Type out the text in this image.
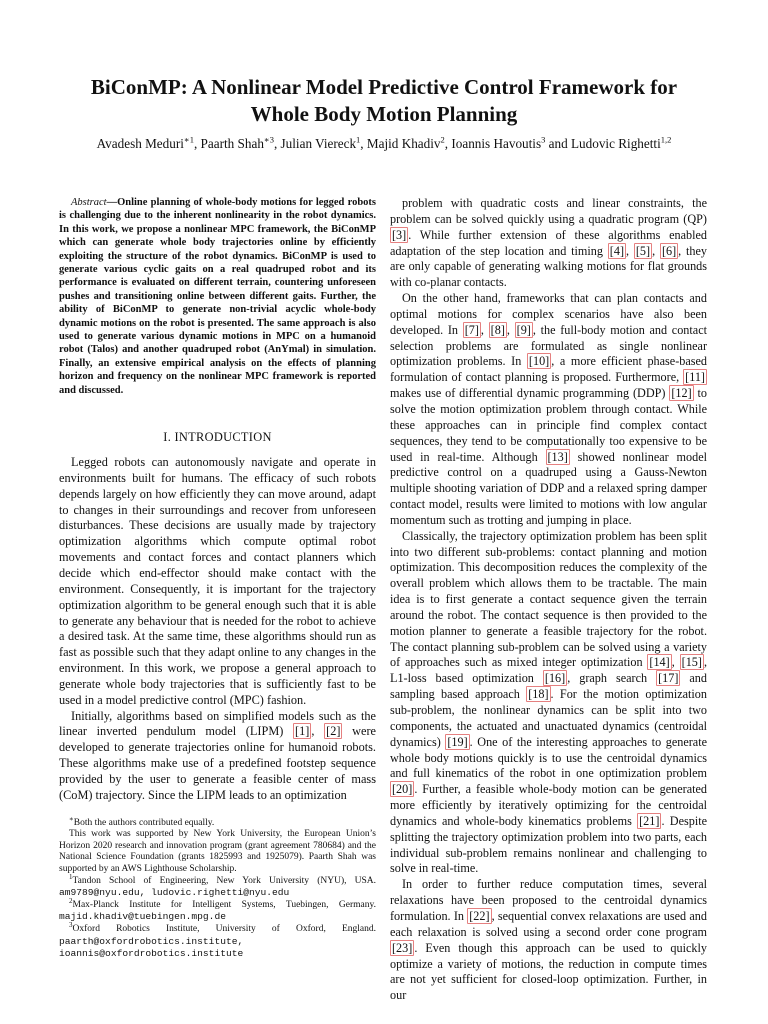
BiConMP: A Nonlinear Model Predictive Control Framework for
Whole Body Motion Planning
Avadesh Meduri$^{∗1}$, Paarth Shah$^{∗3}$, Julian Viereck$^1$, Majid Khadiv$^2$, Ioannis Havoutis$^3$ and Ludovic Righetti$^{1,2}$

Abstract—Online planning of whole-body motions for legged robots is challenging due to the inherent nonlinearity in the robot dynamics. In this work, we propose a nonlinear MPC framework, the BiConMP which can generate whole body trajectories online by efficiently exploiting the structure of the robot dynamics. BiConMP is used to generate various cyclic gaits on a real quadruped robot and its performance is evaluated on different terrain, countering unforeseen pushes and transitioning online between different gaits. Further, the ability of BiConMP to generate non-trivial acyclic whole-body dynamic motions on the robot is presented. The same approach is also used to generate various dynamic motions in MPC on a humanoid robot (Talos) and another quadruped robot (AnYmal) in simulation. Finally, an extensive empirical analysis on the effects of planning horizon and frequency on the nonlinear MPC framework is reported and discussed.

I. INTRODUCTION

Legged robots can autonomously navigate and operate in environments built for humans. The efficacy of such robots depends largely on how efficiently they can move around, adapt to changes in their surroundings and recover from unforeseen disturbances. These decisions are usually made by trajectory optimization algorithms which compute optimal robot movements and contact forces and contact planners which decide which end-effector should make contact with the environment. Consequently, it is important for the trajectory optimization algorithm to be general enough such that it is able to generate any behaviour that is needed for the robot to achieve a desired task. At the same time, these algorithms should run as fast as possible such that they adapt online to any changes in the environment. In this work, we propose a general approach to generate whole body trajectories that is sufficiently fast to be used in a model predictive control (MPC) fashion.

Initially, algorithms based on simplified models such as the linear inverted pendulum model (LIPM) [1] , [2] were developed to generate trajectories online for humanoid robots. These algorithms make use of a predefined footstep sequence provided by the user to generate a feasible center of mass (CoM) trajectory. Since the LIPM leads to an optimization

∗Both the authors contributed equally.

This work was supported by New York University, the European Union’s Horizon 2020 research and innovation program (grant agreement 780684) and the National Science Foundation (grants 1825993 and 1925079). Paarth Shah was supported by an AWS Lighthouse Scholarship.

$^1$Tandon School of Engineering, New York University (NYU), USA. am9789@nyu.edu, ludovic.righetti@nyu.edu

$^2$Max-Planck Institute for Intelligent Systems, Tuebingen, Germany. majid.khadiv@tuebingen.mpg.de

$^3$Oxford Robotics Institute, University of Oxford, England. paarth@oxfordrobotics.institute, ioannis@oxfordrobotics.institute

problem with quadratic costs and linear constraints, the problem can be solved quickly using a quadratic program (QP) [3] . While further extension of these algorithms enabled adaptation of the step location and timing [4] , [5] , [6] , they are only capable of generating walking motions for flat grounds with co-planar contacts.

On the other hand, frameworks that can plan contacts and optimal motions for complex scenarios have also been developed. In [7] , [8] , [9] , the full-body motion and contact selection problems are formulated as single nonlinear optimization problems. In [10] , a more efficient phase-based formulation of contact planning is proposed. Furthermore, [11] makes use of differential dynamic programming (DDP) [12] to solve the motion optimization problem through contact. While these approaches can in principle find complex contact sequences, they tend to be computationally too expensive to be used in real-time. Although [13] showed nonlinear model predictive control on a quadruped using a Gauss-Newton multiple shooting variation of DDP and a relaxed spring damper contact model, results were limited to motions with low angular momentum such as trotting and jumping in place.

Classically, the trajectory optimization problem has been split into two different sub-problems: contact planning and motion optimization. This decomposition reduces the complexity of the overall problem which allows them to be tractable. The main idea is to first generate a contact sequence given the terrain around the robot. The contact sequence is then provided to the motion planner to generate a feasible trajectory for the robot. The contact planning sub-problem can be solved using a variety of approaches such as mixed integer optimization [14] , [15] , L1-loss based optimization [16] , graph search [17] and sampling based approach [18] . For the motion optimization sub-problem, the nonlinear dynamics can be split into two components, the actuated and unactuated dynamics (centroidal dynamics) [19] . One of the interesting approaches to generate whole body motions quickly is to use the centroidal dynamics and full kinematics of the robot in one optimization problem [20] . Further, a feasible whole-body motion can be generated more efficiently by iteratively optimizing for the centroidal dynamics and whole-body kinematics problems [21] . Despite splitting the trajectory optimization problem into two parts, each individual sub-problem remains nonlinear and challenging to solve in real-time.

In order to further reduce computation times, several relaxations have been proposed to the centroidal dynamics formulation. In [22] , sequential convex relaxations are used and each relaxation is solved using a second order cone program [23] . Even though this approach can be used to quickly optimize a variety of motions, the reduction in compute times are not yet sufficient for closed-loop optimization. Further, in our
